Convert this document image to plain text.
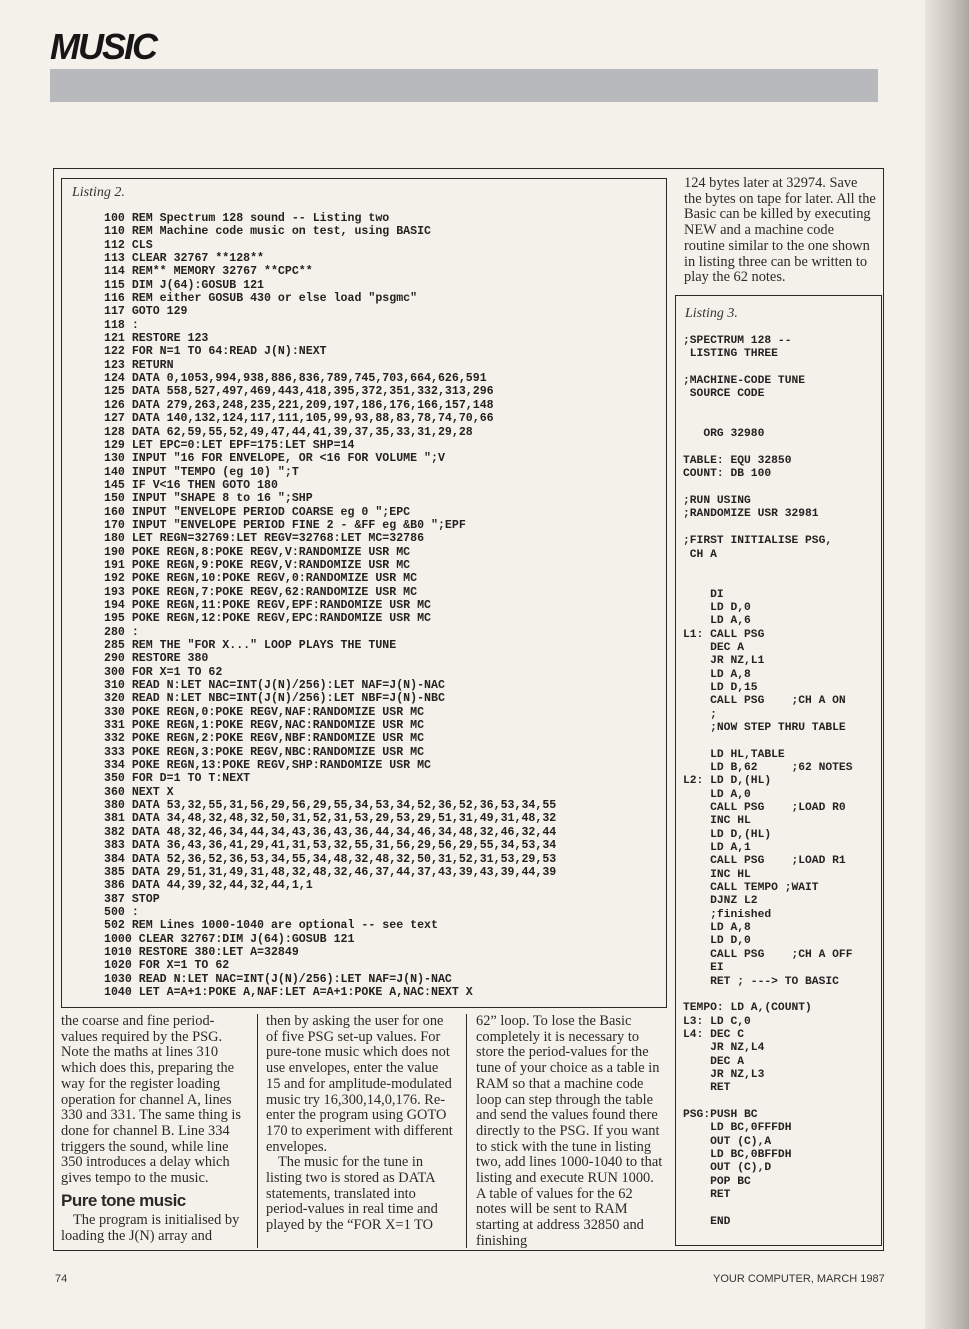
MUSIC
Listing 2.
100 REM Spectrum 128 sound -- Listing two
110 REM Machine code music on test, using BASIC
112 CLS
113 CLEAR 32767 **128**
114 REM** MEMORY 32767 **CPC**
115 DIM J(64):GOSUB 121
116 REM either GOSUB 430 or else load "psgmc"
117 GOTO 129
118 :
121 RESTORE 123
122 FOR N=1 TO 64:READ J(N):NEXT
123 RETURN
124 DATA 0,1053,994,938,886,836,789,745,703,664,626,591
125 DATA 558,527,497,469,443,418,395,372,351,332,313,296
126 DATA 279,263,248,235,221,209,197,186,176,166,157,148
127 DATA 140,132,124,117,111,105,99,93,88,83,78,74,70,66
128 DATA 62,59,55,52,49,47,44,41,39,37,35,33,31,29,28
129 LET EPC=0:LET EPF=175:LET SHP=14
130 INPUT "16 FOR ENVELOPE, OR <16 FOR VOLUME ";V
140 INPUT "TEMPO (eg 10) ";T
145 IF V<16 THEN GOTO 180
150 INPUT "SHAPE 8 to 16 ";SHP
160 INPUT "ENVELOPE PERIOD COARSE eg 0 ";EPC
170 INPUT "ENVELOPE PERIOD FINE 2 - &FF eg &B0 ";EPF
180 LET REGN=32769:LET REGV=32768:LET MC=32786
190 POKE REGN,8:POKE REGV,V:RANDOMIZE USR MC
191 POKE REGN,9:POKE REGV,V:RANDOMIZE USR MC
192 POKE REGN,10:POKE REGV,0:RANDOMIZE USR MC
193 POKE REGN,7:POKE REGV,62:RANDOMIZE USR MC
194 POKE REGN,11:POKE REGV,EPF:RANDOMIZE USR MC
195 POKE REGN,12:POKE REGV,EPC:RANDOMIZE USR MC
280 :
285 REM THE "FOR X..." LOOP PLAYS THE TUNE
290 RESTORE 380
300 FOR X=1 TO 62
310 READ N:LET NAC=INT(J(N)/256):LET NAF=J(N)-NAC
320 READ N:LET NBC=INT(J(N)/256):LET NBF=J(N)-NBC
330 POKE REGN,0:POKE REGV,NAF:RANDOMIZE USR MC
331 POKE REGN,1:POKE REGV,NAC:RANDOMIZE USR MC
332 POKE REGN,2:POKE REGV,NBF:RANDOMIZE USR MC
333 POKE REGN,3:POKE REGV,NBC:RANDOMIZE USR MC
334 POKE REGN,13:POKE REGV,SHP:RANDOMIZE USR MC
350 FOR D=1 TO T:NEXT
360 NEXT X
380 DATA 53,32,55,31,56,29,56,29,55,34,53,34,52,36,52,36,53,34,55
381 DATA 34,48,32,48,32,50,31,52,31,53,29,53,29,51,31,49,31,48,32
382 DATA 48,32,46,34,44,34,43,36,43,36,44,34,46,34,48,32,46,32,44
383 DATA 36,43,36,41,29,41,31,53,32,55,31,56,29,56,29,55,34,53,34
384 DATA 52,36,52,36,53,34,55,34,48,32,48,32,50,31,52,31,53,29,53
385 DATA 29,51,31,49,31,48,32,48,32,46,37,44,37,43,39,43,39,44,39
386 DATA 44,39,32,44,32,44,1,1
387 STOP
500 :
502 REM Lines 1000-1040 are optional -- see text
1000 CLEAR 32767:DIM J(64):GOSUB 121
1010 RESTORE 380:LET A=32849
1020 FOR X=1 TO 62
1030 READ N:LET NAC=INT(J(N)/256):LET NAF=J(N)-NAC
1040 LET A=A+1:POKE A,NAF:LET A=A+1:POKE A,NAC:NEXT X

124 bytes later at 32974. Save the bytes on tape for later. All the Basic can be killed by executing NEW and a machine code routine similar to the one shown in listing three can be written to play the 62 notes.

Listing 3.
;SPECTRUM 128 --
LISTING THREE

;MACHINE-CODE TUNE
SOURCE CODE

ORG 32980

TABLE: EQU 32850
COUNT: DB 100

;RUN USING
;RANDOMIZE USR 32981

;FIRST INITIALISE PSG,
CH A

DI
LD D,0
LD A,6
L1: CALL PSG
DEC A
JR NZ,L1
LD A,8
LD D,15
CALL PSG    ;CH A ON
;
;NOW STEP THRU TABLE

LD HL,TABLE
LD B,62     ;62 NOTES
L2: LD D,(HL)
LD A,0
CALL PSG    ;LOAD R0
INC HL
LD D,(HL)
LD A,1
CALL PSG    ;LOAD R1
INC HL
CALL TEMPO ;WAIT
DJNZ L2
;finished
LD A,8
LD D,0
CALL PSG    ;CH A OFF
EI
RET ; ---> TO BASIC

TEMPO: LD A,(COUNT)
L3: LD C,0
L4: DEC C
JR NZ,L4
DEC A
JR NZ,L3
RET

PSG:PUSH BC
LD BC,0FFFDH
OUT (C),A
LD BC,0BFFDH
OUT (C),D
POP BC
RET

END

the coarse and fine period-values required by the PSG. Note the maths at lines 310 which does this, preparing the way for the register loading operation for channel A, lines 330 and 331. The same thing is done for channel B. Line 334 triggers the sound, while line 350 introduces a delay which gives tempo to the music.

Pure tone music

The program is initialised by loading the J(N) array and

then by asking the user for one of five PSG set-up values. For pure-tone music which does not use envelopes, enter the value 15 and for amplitude-modulated music try 16,300,14,0,176. Re-enter the program using GOTO 170 to experiment with different envelopes.

The music for the tune in listing two is stored as DATA statements, translated into period-values in real time and played by the “FOR X=1 TO

62” loop. To lose the Basic completely it is necessary to store the period-values for the tune of your choice as a table in RAM so that a machine code loop can step through the table and send the values found there directly to the PSG. If you want to stick with the tune in listing two, add lines 1000-1040 to that listing and execute RUN 1000. A table of values for the 62 notes will be sent to RAM starting at address 32850 and finishing

74	YOUR COMPUTER, MARCH 1987
